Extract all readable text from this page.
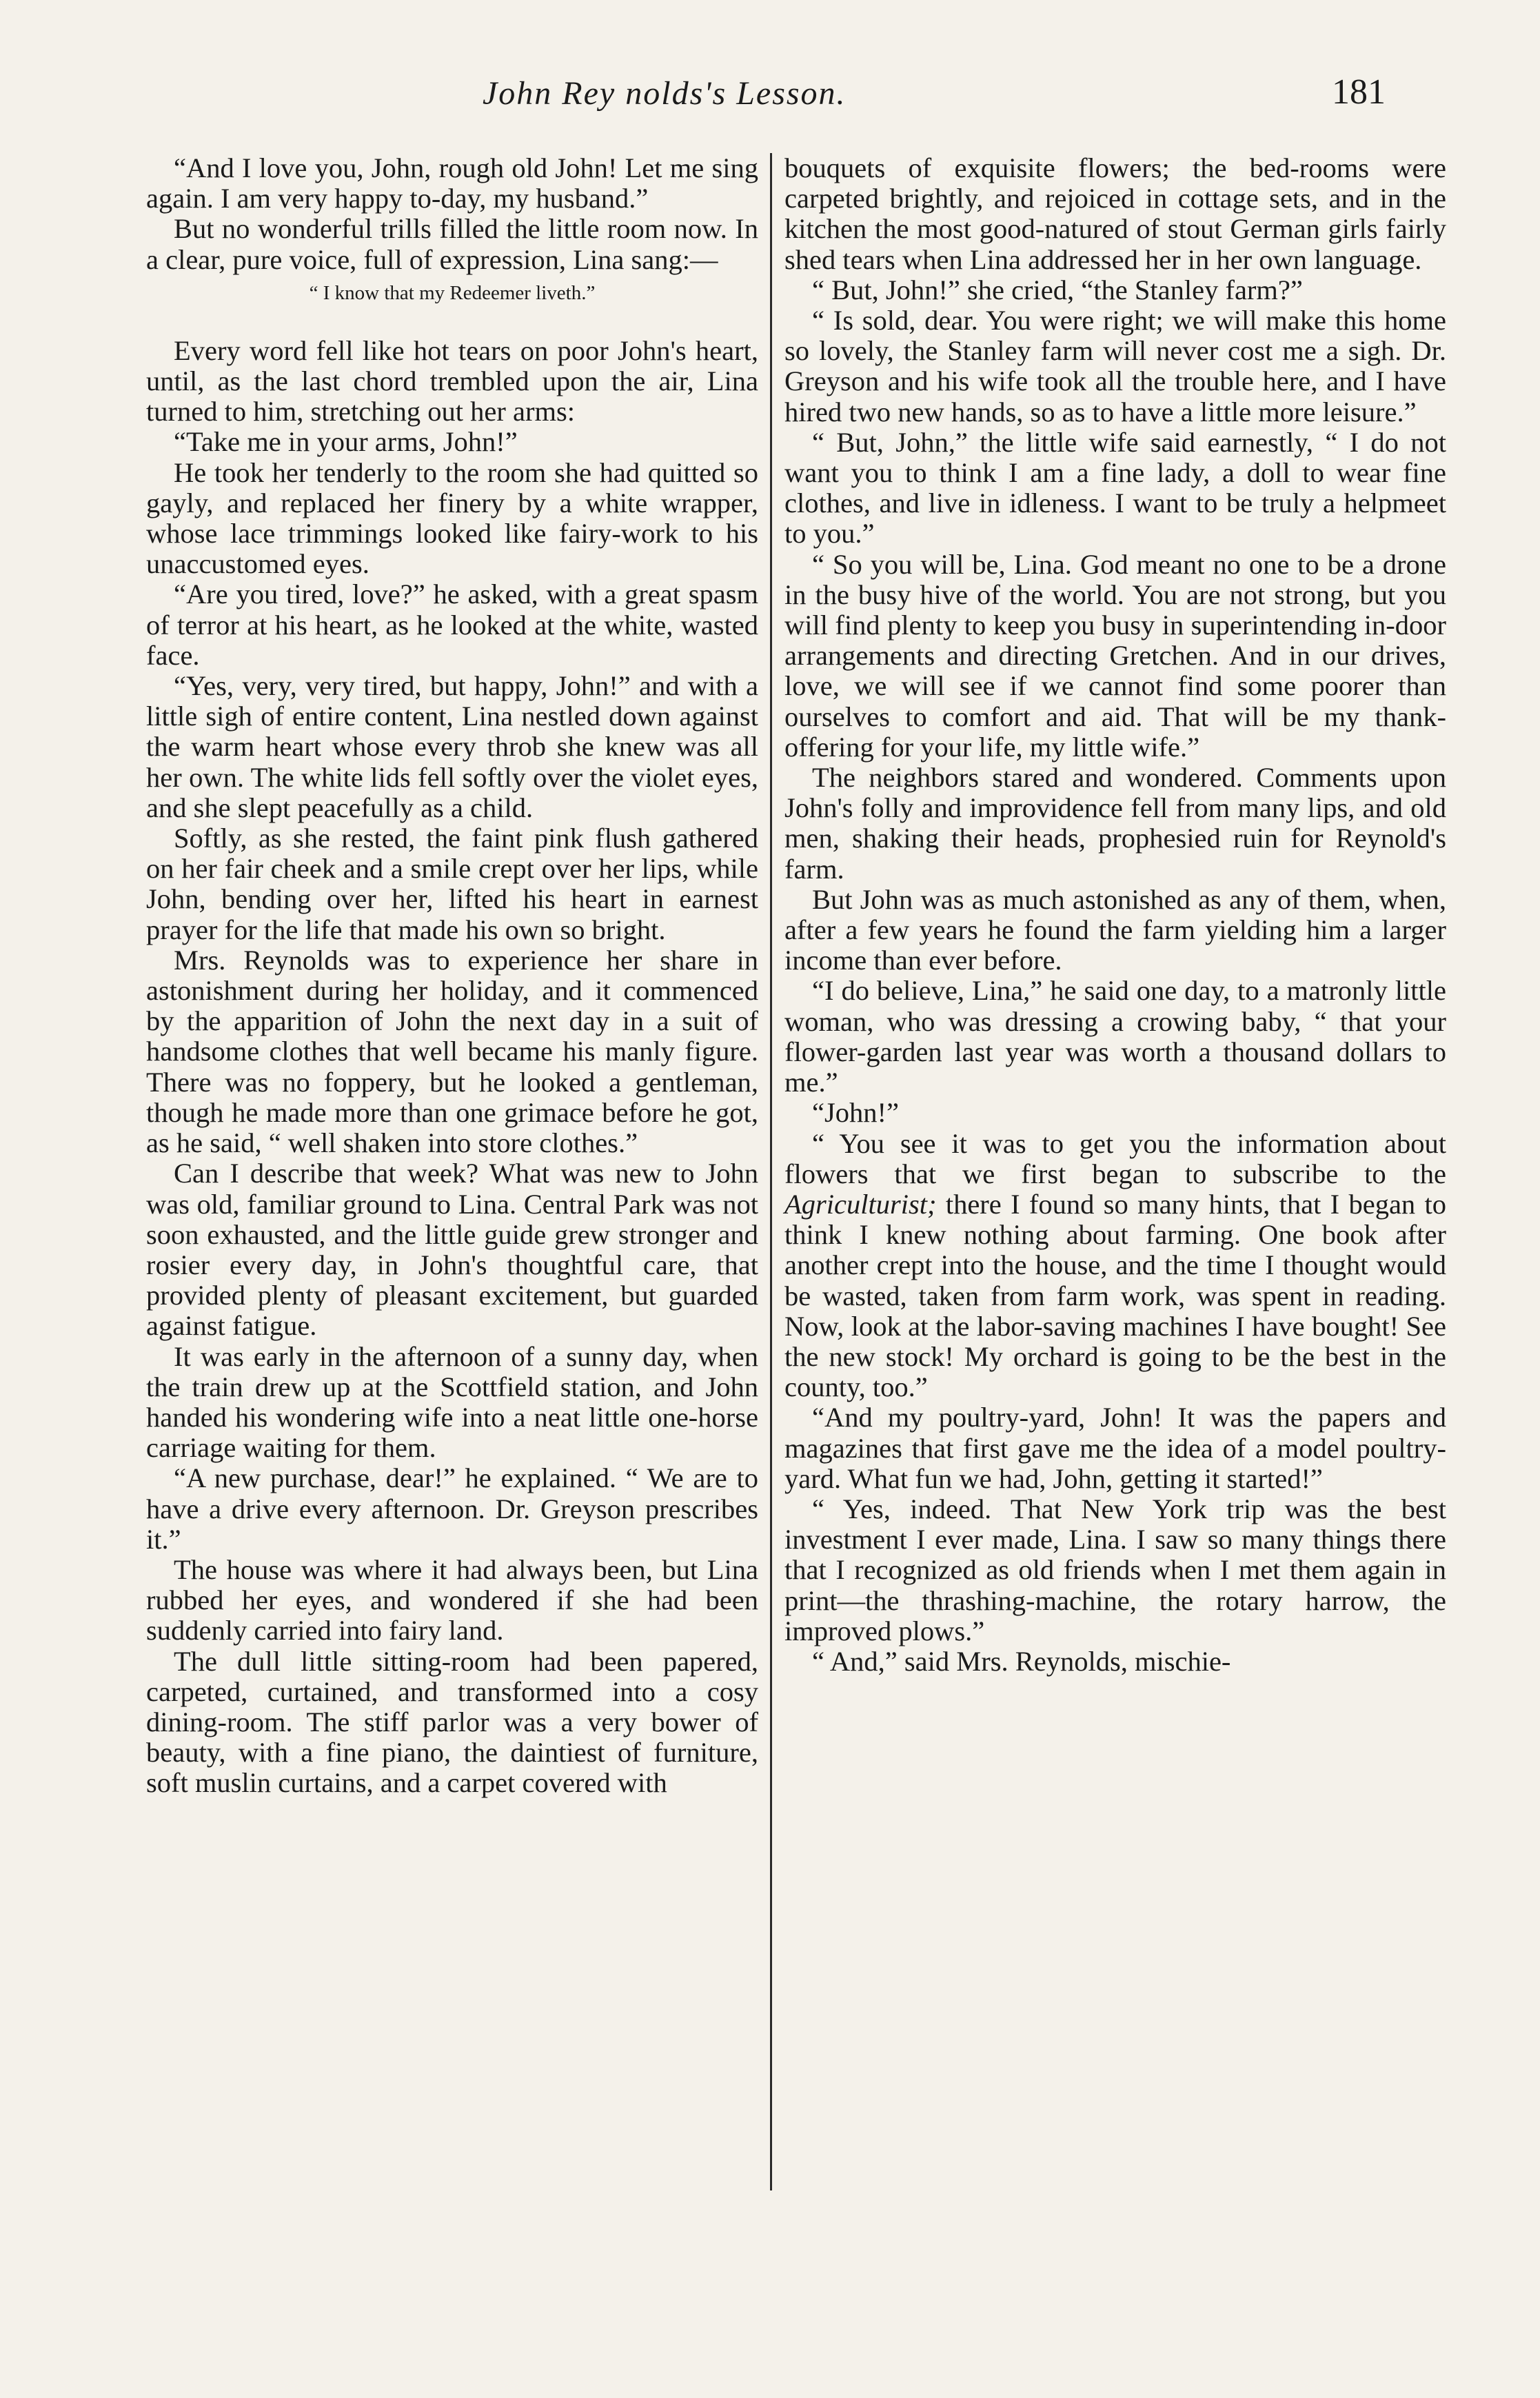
John Rey nolds's Lesson.	181

“And I love you, John, rough old John! Let me sing again. I am very happy to-day, my husband.”

But no wonderful trills filled the little room now. In a clear, pure voice, full of expression, Lina sang:—

“ I know that my Redeemer liveth.”

Every word fell like hot tears on poor John's heart, until, as the last chord trembled upon the air, Lina turned to him, stretching out her arms:

“Take me in your arms, John!”

He took her tenderly to the room she had quitted so gayly, and replaced her finery by a white wrapper, whose lace trimmings looked like fairy-work to his unaccustomed eyes.

“Are you tired, love?” he asked, with a great spasm of terror at his heart, as he looked at the white, wasted face.

“Yes, very, very tired, but happy, John!” and with a little sigh of entire content, Lina nestled down against the warm heart whose every throb she knew was all her own. The white lids fell softly over the violet eyes, and she slept peacefully as a child.

Softly, as she rested, the faint pink flush gathered on her fair cheek and a smile crept over her lips, while John, bending over her, lifted his heart in earnest prayer for the life that made his own so bright.

Mrs. Reynolds was to experience her share in astonishment during her holiday, and it commenced by the apparition of John the next day in a suit of handsome clothes that well became his manly figure. There was no foppery, but he looked a gentleman, though he made more than one grimace before he got, as he said, “ well shaken into store clothes.”

Can I describe that week? What was new to John was old, familiar ground to Lina. Central Park was not soon exhausted, and the little guide grew stronger and rosier every day, in John's thoughtful care, that provided plenty of pleasant excitement, but guarded against fatigue.

It was early in the afternoon of a sunny day, when the train drew up at the Scottfield station, and John handed his wondering wife into a neat little one-horse carriage waiting for them.

“A new purchase, dear!” he explained. “ We are to have a drive every afternoon. Dr. Greyson prescribes it.”

The house was where it had always been, but Lina rubbed her eyes, and wondered if she had been suddenly carried into fairy land.

The dull little sitting-room had been papered, carpeted, curtained, and transformed into a cosy dining-room. The stiff parlor was a very bower of beauty, with a fine piano, the daintiest of furniture, soft muslin curtains, and a carpet covered with

bouquets of exquisite flowers; the bed-rooms were carpeted brightly, and rejoiced in cottage sets, and in the kitchen the most good-natured of stout German girls fairly shed tears when Lina addressed her in her own language.

“ But, John!” she cried, “the Stanley farm?”

“ Is sold, dear. You were right; we will make this home so lovely, the Stanley farm will never cost me a sigh. Dr. Greyson and his wife took all the trouble here, and I have hired two new hands, so as to have a little more leisure.”

“ But, John,” the little wife said earnestly, “ I do not want you to think I am a fine lady, a doll to wear fine clothes, and live in idleness. I want to be truly a helpmeet to you.”

“ So you will be, Lina. God meant no one to be a drone in the busy hive of the world. You are not strong, but you will find plenty to keep you busy in superintending in-door arrangements and directing Gretchen. And in our drives, love, we will see if we cannot find some poorer than ourselves to comfort and aid. That will be my thank-offering for your life, my little wife.”

The neighbors stared and wondered. Comments upon John's folly and improvidence fell from many lips, and old men, shaking their heads, prophesied ruin for Reynold's farm.

But John was as much astonished as any of them, when, after a few years he found the farm yielding him a larger income than ever before.

“I do believe, Lina,” he said one day, to a matronly little woman, who was dressing a crowing baby, “ that your flower-garden last year was worth a thousand dollars to me.”

“John!”

“ You see it was to get you the information about flowers that we first began to subscribe to the Agriculturist; there I found so many hints, that I began to think I knew nothing about farming. One book after another crept into the house, and the time I thought would be wasted, taken from farm work, was spent in reading. Now, look at the labor-saving machines I have bought! See the new stock! My orchard is going to be the best in the county, too.”

“And my poultry-yard, John! It was the papers and magazines that first gave me the idea of a model poultry-yard. What fun we had, John, getting it started!”

“ Yes, indeed. That New York trip was the best investment I ever made, Lina. I saw so many things there that I recognized as old friends when I met them again in print—the thrashing-machine, the rotary harrow, the improved plows.”

“ And,” said Mrs. Reynolds, mischie-
